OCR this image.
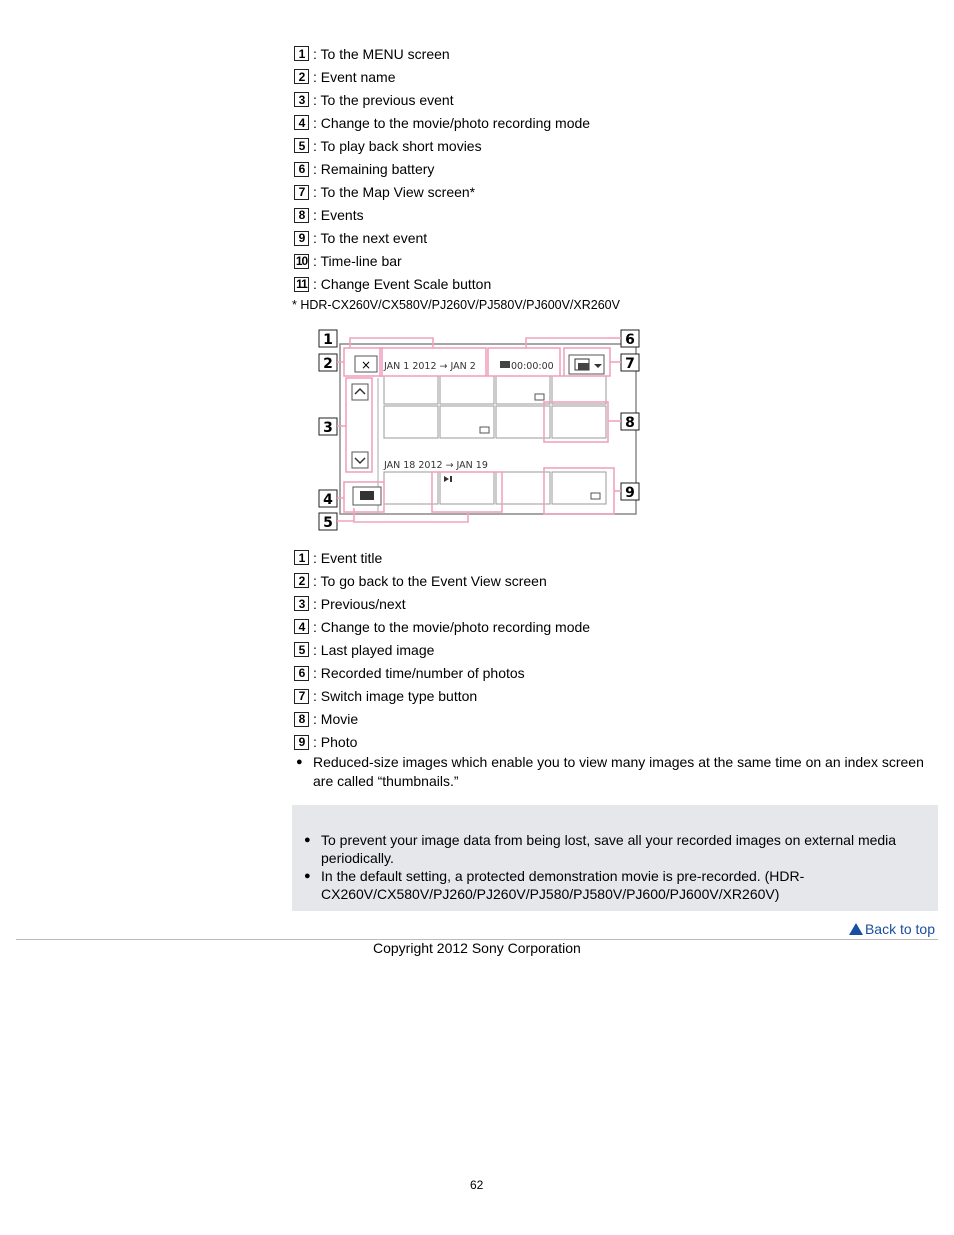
1 : To the MENU screen
2 : Event name
3 : To the previous event
4 : Change to the movie/photo recording mode
5 : To play back short movies
6 : Remaining battery
7 : To the Map View screen*
8 : Events
9 : To the next event
10 : Time-line bar
11 : Change Event Scale button
* HDR-CX260V/CX580V/PJ260V/PJ580V/PJ600V/XR260V
× JAN 1 2012 → JAN 2	00:00:00
JAN 18 2012 → JAN 19
1
2
3
4
5
6
7
8
9
1 : Event title
2 : To go back to the Event View screen
3 : Previous/next
4 : Change to the movie/photo recording mode
5 : Last played image
6 : Recorded time/number of photos
7 : Switch image type button
8 : Movie
9 : Photo
● Reduced-size images which enable you to view many images at the same time on an index screen are called “thumbnails.”
● To prevent your image data from being lost, save all your recorded images on external media periodically.
● In the default setting, a protected demonstration movie is pre-recorded. (HDR-CX260V/CX580V/PJ260/PJ260V/PJ580/PJ580V/PJ600/PJ600V/XR260V)
Back to top
Copyright 2012 Sony Corporation
62
